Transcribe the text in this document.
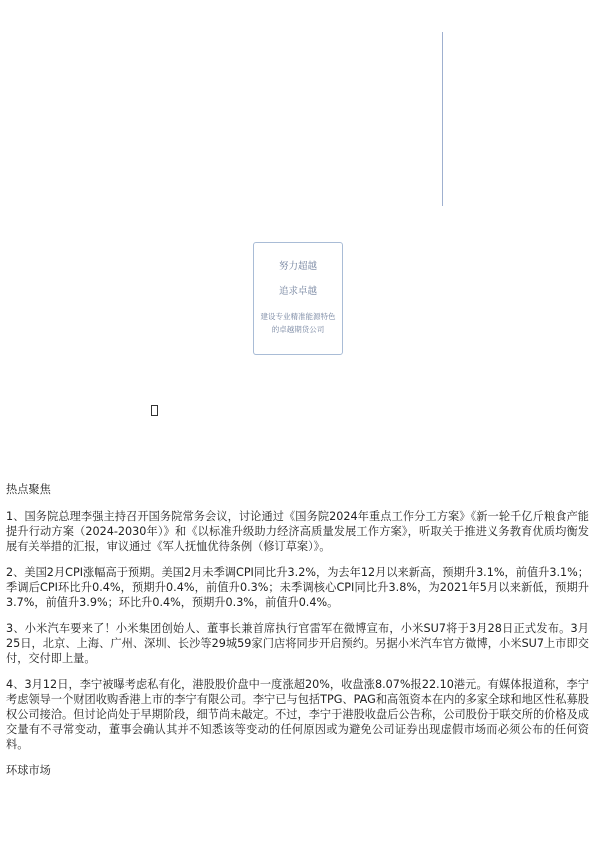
努力超越
追求卓越
建设专业精准能源特色的卓越期货公司
热点聚焦
1、国务院总理李强主持召开国务院常务会议，讨论通过《国务院2024年重点工作分工方案》《新一轮千亿斤粮食产能提升行动方案（2024-2030年）》和《以标准升级助力经济高质量发展工作方案》，听取关于推进义务教育优质均衡发展有关举措的汇报，审议通过《军人抚恤优待条例（修订草案）》。
2、美国2月CPI涨幅高于预期。美国2月未季调CPI同比升3.2%，为去年12月以来新高，预期升3.1%，前值升3.1%；季调后CPI环比升0.4%，预期升0.4%，前值升0.3%；未季调核心CPI同比升3.8%，为2021年5月以来新低，预期升3.7%，前值升3.9%；环比升0.4%，预期升0.3%，前值升0.4%。
3、小米汽车要来了！小米集团创始人、董事长兼首席执行官雷军在微博宣布，小米SU7将于3月28日正式发布。3月25日，北京、上海、广州、深圳、长沙等29城59家门店将同步开启预约。另据小米汽车官方微博，小米SU7上市即交付，交付即上量。
4、3月12日，李宁被曝考虑私有化，港股股价盘中一度涨超20%，收盘涨8.07%报22.10港元。有媒体报道称，李宁考虑领导一个财团收购香港上市的李宁有限公司。李宁已与包括TPG、PAG和高瓴资本在内的多家全球和地区性私募股权公司接洽。但讨论尚处于早期阶段，细节尚未敲定。不过，李宁于港股收盘后公告称，公司股份于联交所的价格及成交量有不寻常变动，董事会确认其并不知悉该等变动的任何原因或为避免公司证券出现虚假市场而必须公布的任何资料。
环球市场
